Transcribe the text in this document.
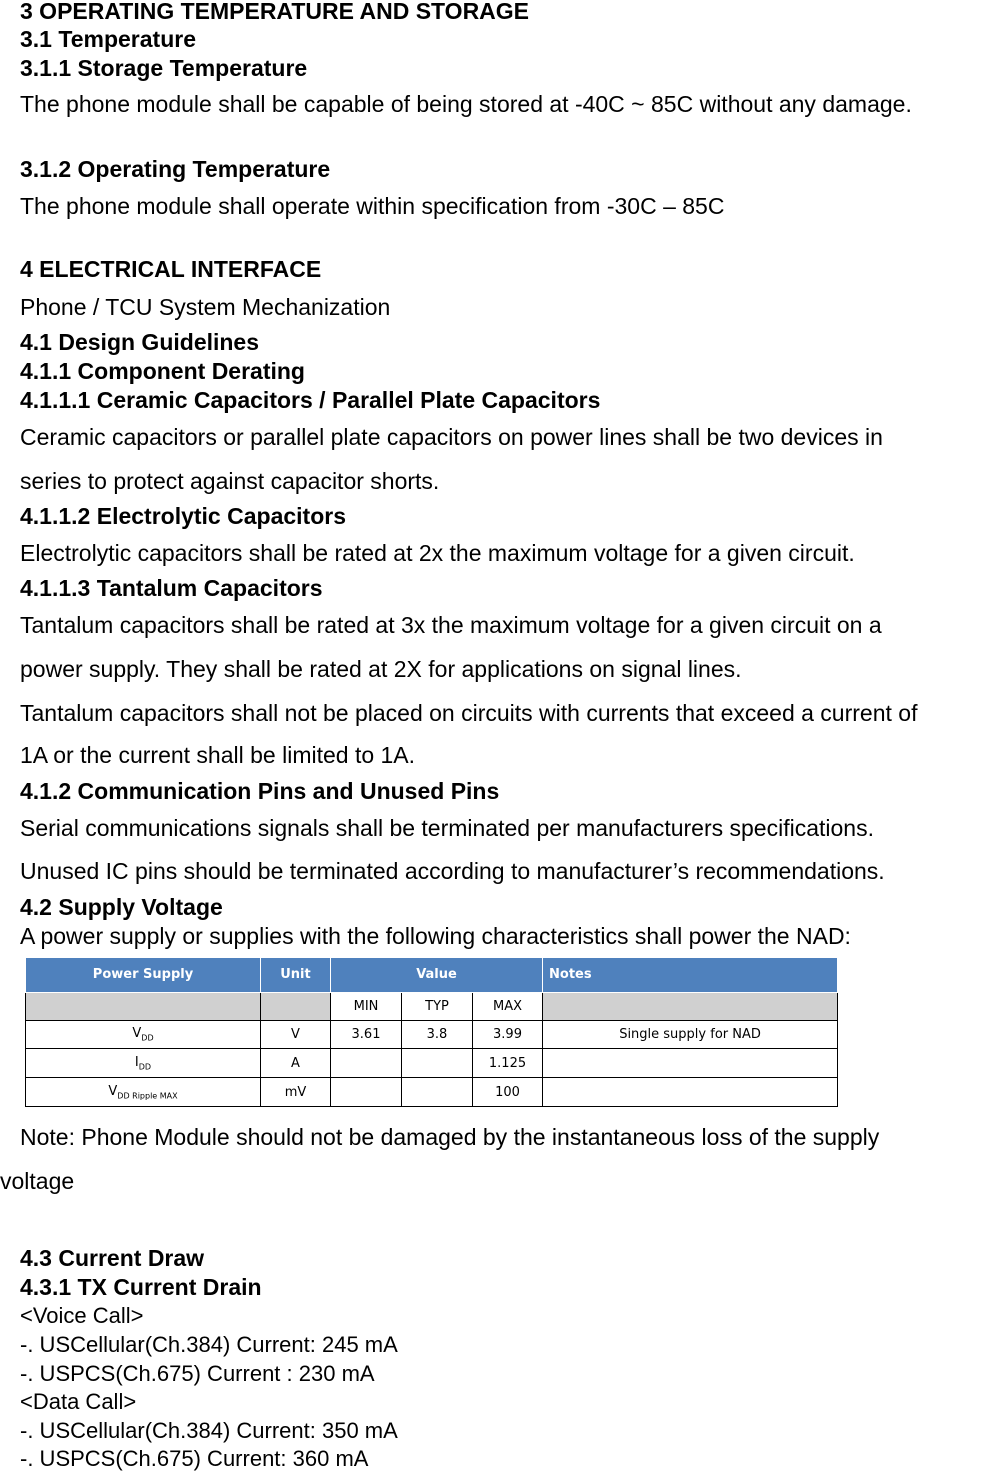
3 OPERATING TEMPERATURE AND STORAGE
3.1 Temperature
3.1.1 Storage Temperature
The phone module shall be capable of being stored at -40C ~ 85C without any damage.
3.1.2 Operating Temperature
The phone module shall operate within specification from -30C – 85C
4 ELECTRICAL INTERFACE
Phone / TCU System Mechanization
4.1 Design Guidelines
4.1.1 Component Derating
4.1.1.1 Ceramic Capacitors / Parallel Plate Capacitors
Ceramic capacitors or parallel plate capacitors on power lines shall be two devices in
series to protect against capacitor shorts.
4.1.1.2 Electrolytic Capacitors
Electrolytic capacitors shall be rated at 2x the maximum voltage for a given circuit.
4.1.1.3 Tantalum Capacitors
Tantalum capacitors shall be rated at 3x the maximum voltage for a given circuit on a
power supply. They shall be rated at 2X for applications on signal lines.
Tantalum capacitors shall not be placed on circuits with currents that exceed a current of
1A or the current shall be limited to 1A.
4.1.2 Communication Pins and Unused Pins
Serial communications signals shall be terminated per manufacturers specifications.
Unused IC pins should be terminated according to manufacturer’s recommendations.
4.2 Supply Voltage
A power supply or supplies with the following characteristics shall power the NAD:
Power Supply	Unit	Value			Notes
		MIN	TYP	MAX	
$V_{DD}$	V	3.61	3.8	3.99	Single supply for NAD
$I_{DD}$	A			1.125	
$V_{DD Ripple MAX}$	mV			100	
Note: Phone Module should not be damaged by the instantaneous loss of the supply
voltage
4.3 Current Draw
4.3.1 TX Current Drain
<Voice Call>
-. USCellular(Ch.384) Current: 245 mA
-. USPCS(Ch.675) Current : 230 mA
<Data Call>
-. USCellular(Ch.384) Current: 350 mA
-. USPCS(Ch.675) Current: 360 mA
